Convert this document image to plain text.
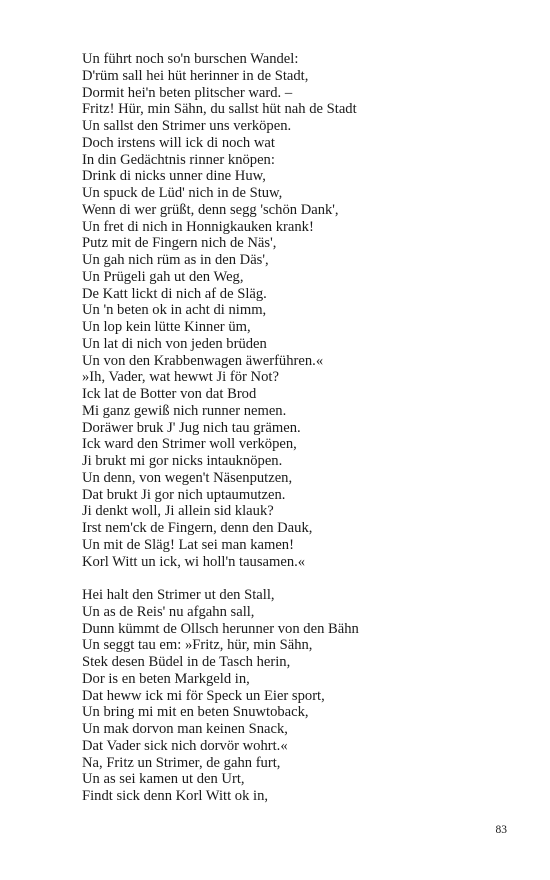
Un führt noch so'n burschen Wandel:
D'rüm sall hei hüt herinner in de Stadt,
Dormit hei'n beten plitscher ward. –
Fritz! Hür, min Sähn, du sallst hüt nah de Stadt
Un sallst den Strimer uns verköpen.
Doch irstens will ick di noch wat
In din Gedächtnis rinner knöpen:
Drink di nicks unner dine Huw,
Un spuck de Lüd' nich in de Stuw,
Wenn di wer grüßt, denn segg 'schön Dank',
Un fret di nich in Honnigkauken krank!
Putz mit de Fingern nich de Näs',
Un gah nich rüm as in den Däs',
Un Prügeli gah ut den Weg,
De Katt lickt di nich af de Släg.
Un 'n beten ok in acht di nimm,
Un lop kein lütte Kinner üm,
Un lat di nich von jeden brüden
Un von den Krabbenwagen äwerführen.«
»Ih, Vader, wat hewwt Ji för Not?
Ick lat de Botter von dat Brod
Mi ganz gewiß nich runner nemen.
Doräwer bruk J' Jug nich tau grämen.
Ick ward den Strimer woll verköpen,
Ji brukt mi gor nicks intauknöpen.
Un denn, von wegen't Näsenputzen,
Dat brukt Ji gor nich uptaumutzen.
Ji denkt woll, Ji allein sid klauk?
Irst nem'ck de Fingern, denn den Dauk,
Un mit de Släg! Lat sei man kamen!
Korl Witt un ick, wi holl'n tausamen.«
Hei halt den Strimer ut den Stall,
Un as de Reis' nu afgahn sall,
Dunn kümmt de Ollsch herunner von den Bähn
Un seggt tau em: »Fritz, hür, min Sähn,
Stek desen Büdel in de Tasch herin,
Dor is en beten Markgeld in,
Dat heww ick mi för Speck un Eier sport,
Un bring mi mit en beten Snuwtoback,
Un mak dorvon man keinen Snack,
Dat Vader sick nich dorvör wohrt.«
Na, Fritz un Strimer, de gahn furt,
Un as sei kamen ut den Urt,
Findt sick denn Korl Witt ok in,
83
